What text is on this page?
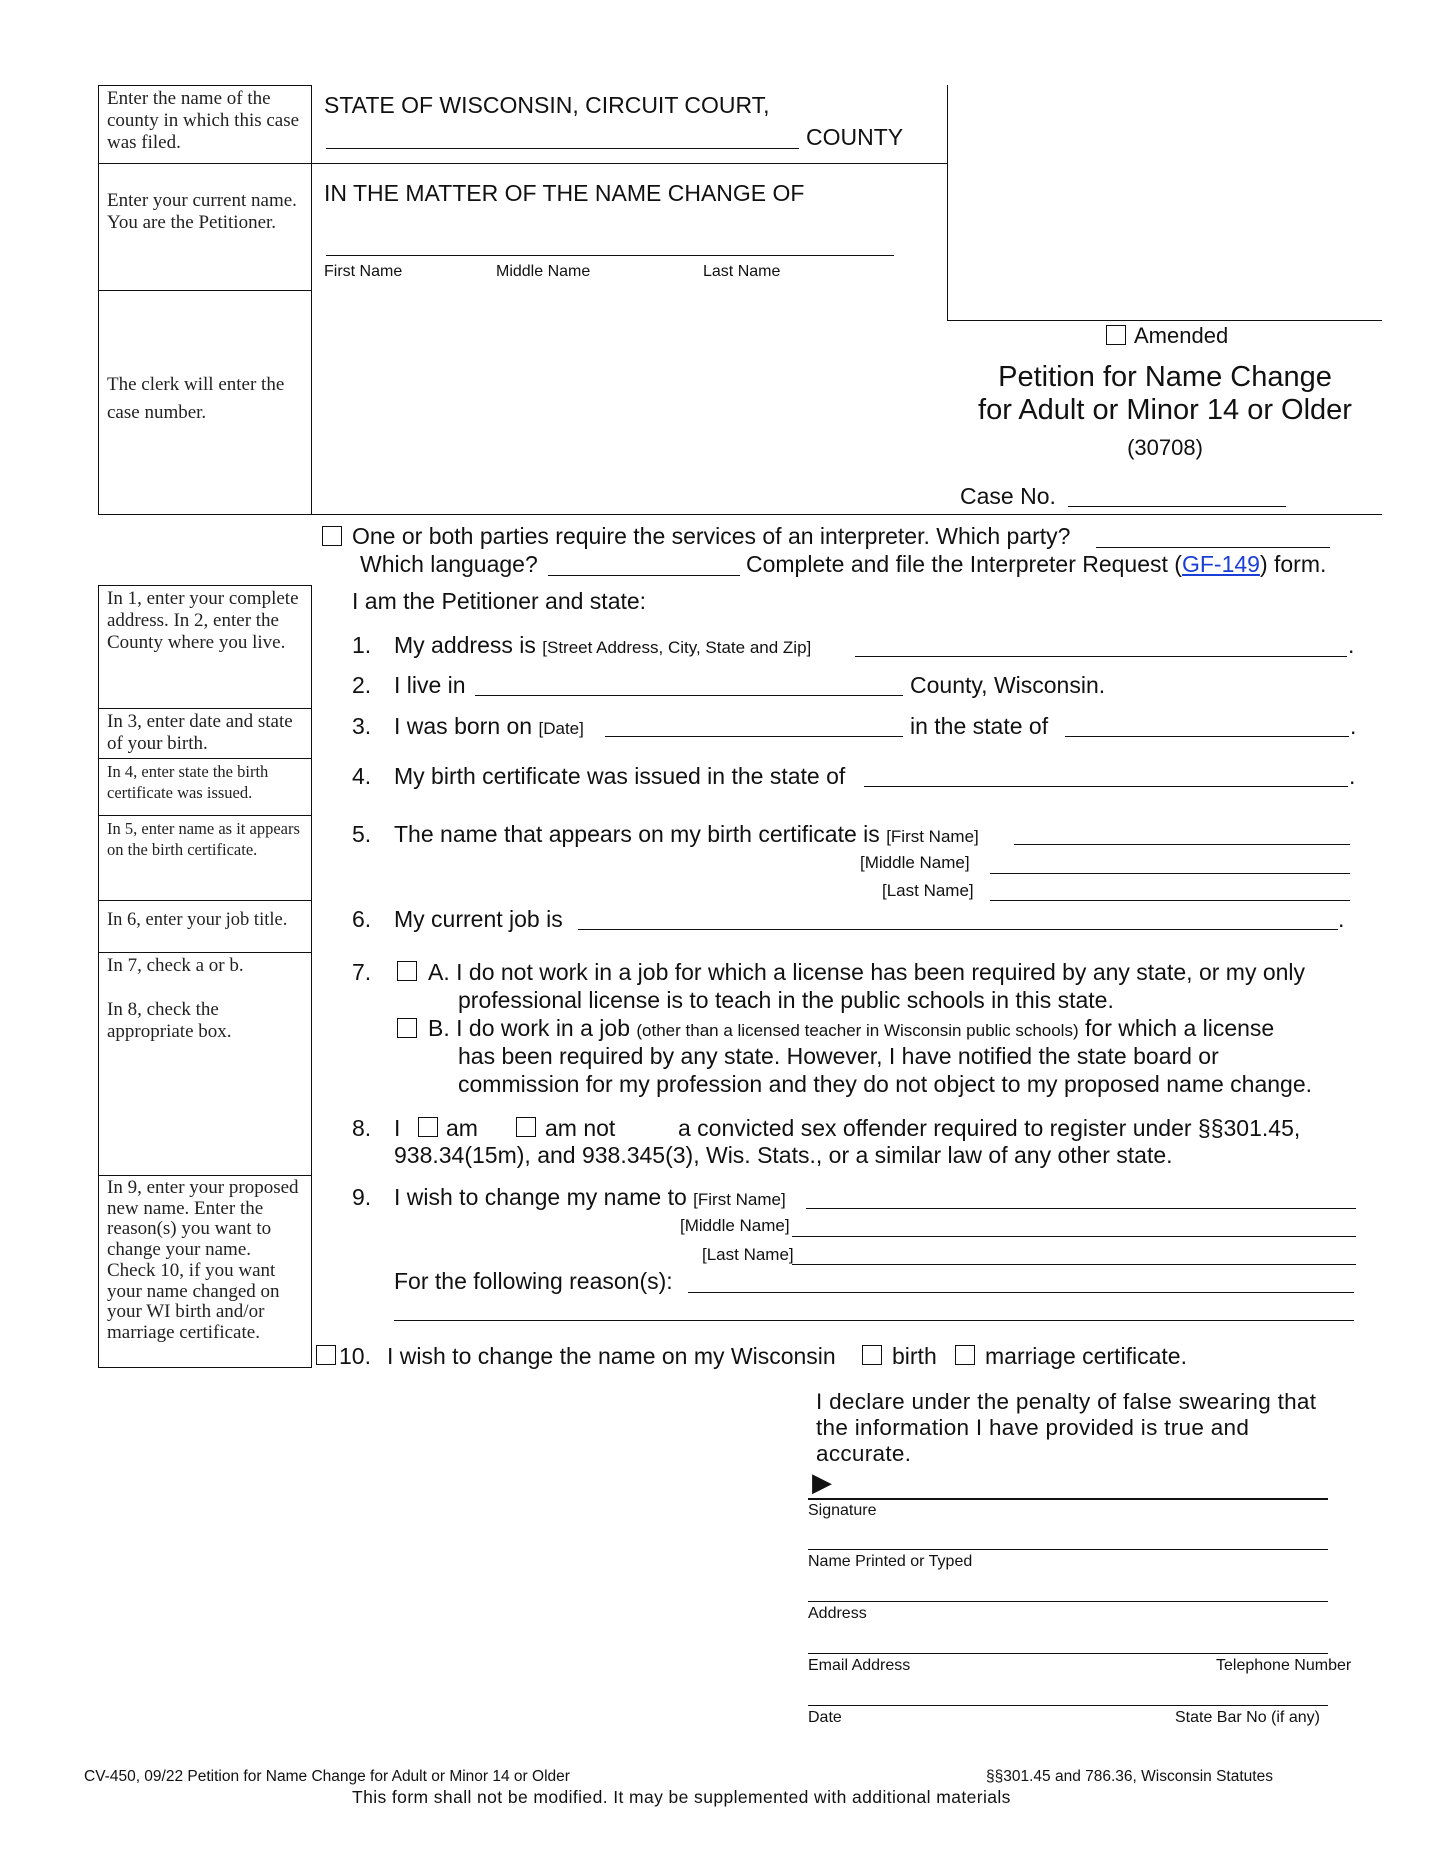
Enter the name of the county in which this case was filed.
Enter your current name. You are the Petitioner.
The clerk will enter the case number.
STATE OF WISCONSIN, CIRCUIT COURT,
COUNTY
IN THE MATTER OF THE NAME CHANGE OF
First Name	Middle Name	Last Name
Amended
Petition for Name Change
for Adult or Minor 14 or Older
(30708)
Case No.
One or both parties require the services of an interpreter. Which party?
Which language?	Complete and file the Interpreter Request (GF-149) form.
In 1, enter your complete address. In 2, enter the County where you live.
In 3, enter date and state of your birth.
In 4, enter state the birth certificate was issued.
In 5, enter name as it appears on the birth certificate.
In 6, enter your job title.
In 7, check a or b.

In 8, check the appropriate box.
In 9, enter your proposed new name. Enter the reason(s) you want to change your name. Check 10, if you want your name changed on your WI birth and/or marriage certificate.
I am the Petitioner and state:
1. My address is [Street Address, City, State and Zip]	.
2. I live in	County, Wisconsin.
3. I was born on [Date]	in the state of	.
4. My birth certificate was issued in the state of	.
5. The name that appears on my birth certificate is [First Name]
[Middle Name]
[Last Name]
6. My current job is	.
7. A. I do not work in a job for which a license has been required by any state, or my only
professional license is to teach in the public schools in this state.
B. I do work in a job (other than a licensed teacher in Wisconsin public schools) for which a license
has been required by any state. However, I have notified the state board or
commission for my profession and they do not object to my proposed name change.
8. I am	am not	a convicted sex offender required to register under §§301.45,
938.34(15m), and 938.345(3), Wis. Stats., or a similar law of any other state.
9. I wish to change my name to [First Name]
[Middle Name]
[Last Name]
For the following reason(s):
10. I wish to change the name on my Wisconsin birth marriage certificate.
I declare under the penalty of false swearing that
the information I have provided is true and
accurate.
▶
Signature
Name Printed or Typed
Address
Email Address	Telephone Number
Date	State Bar No (if any)
CV-450, 09/22 Petition for Name Change for Adult or Minor 14 or Older	§§301.45 and 786.36, Wisconsin Statutes
This form shall not be modified. It may be supplemented with additional materials
